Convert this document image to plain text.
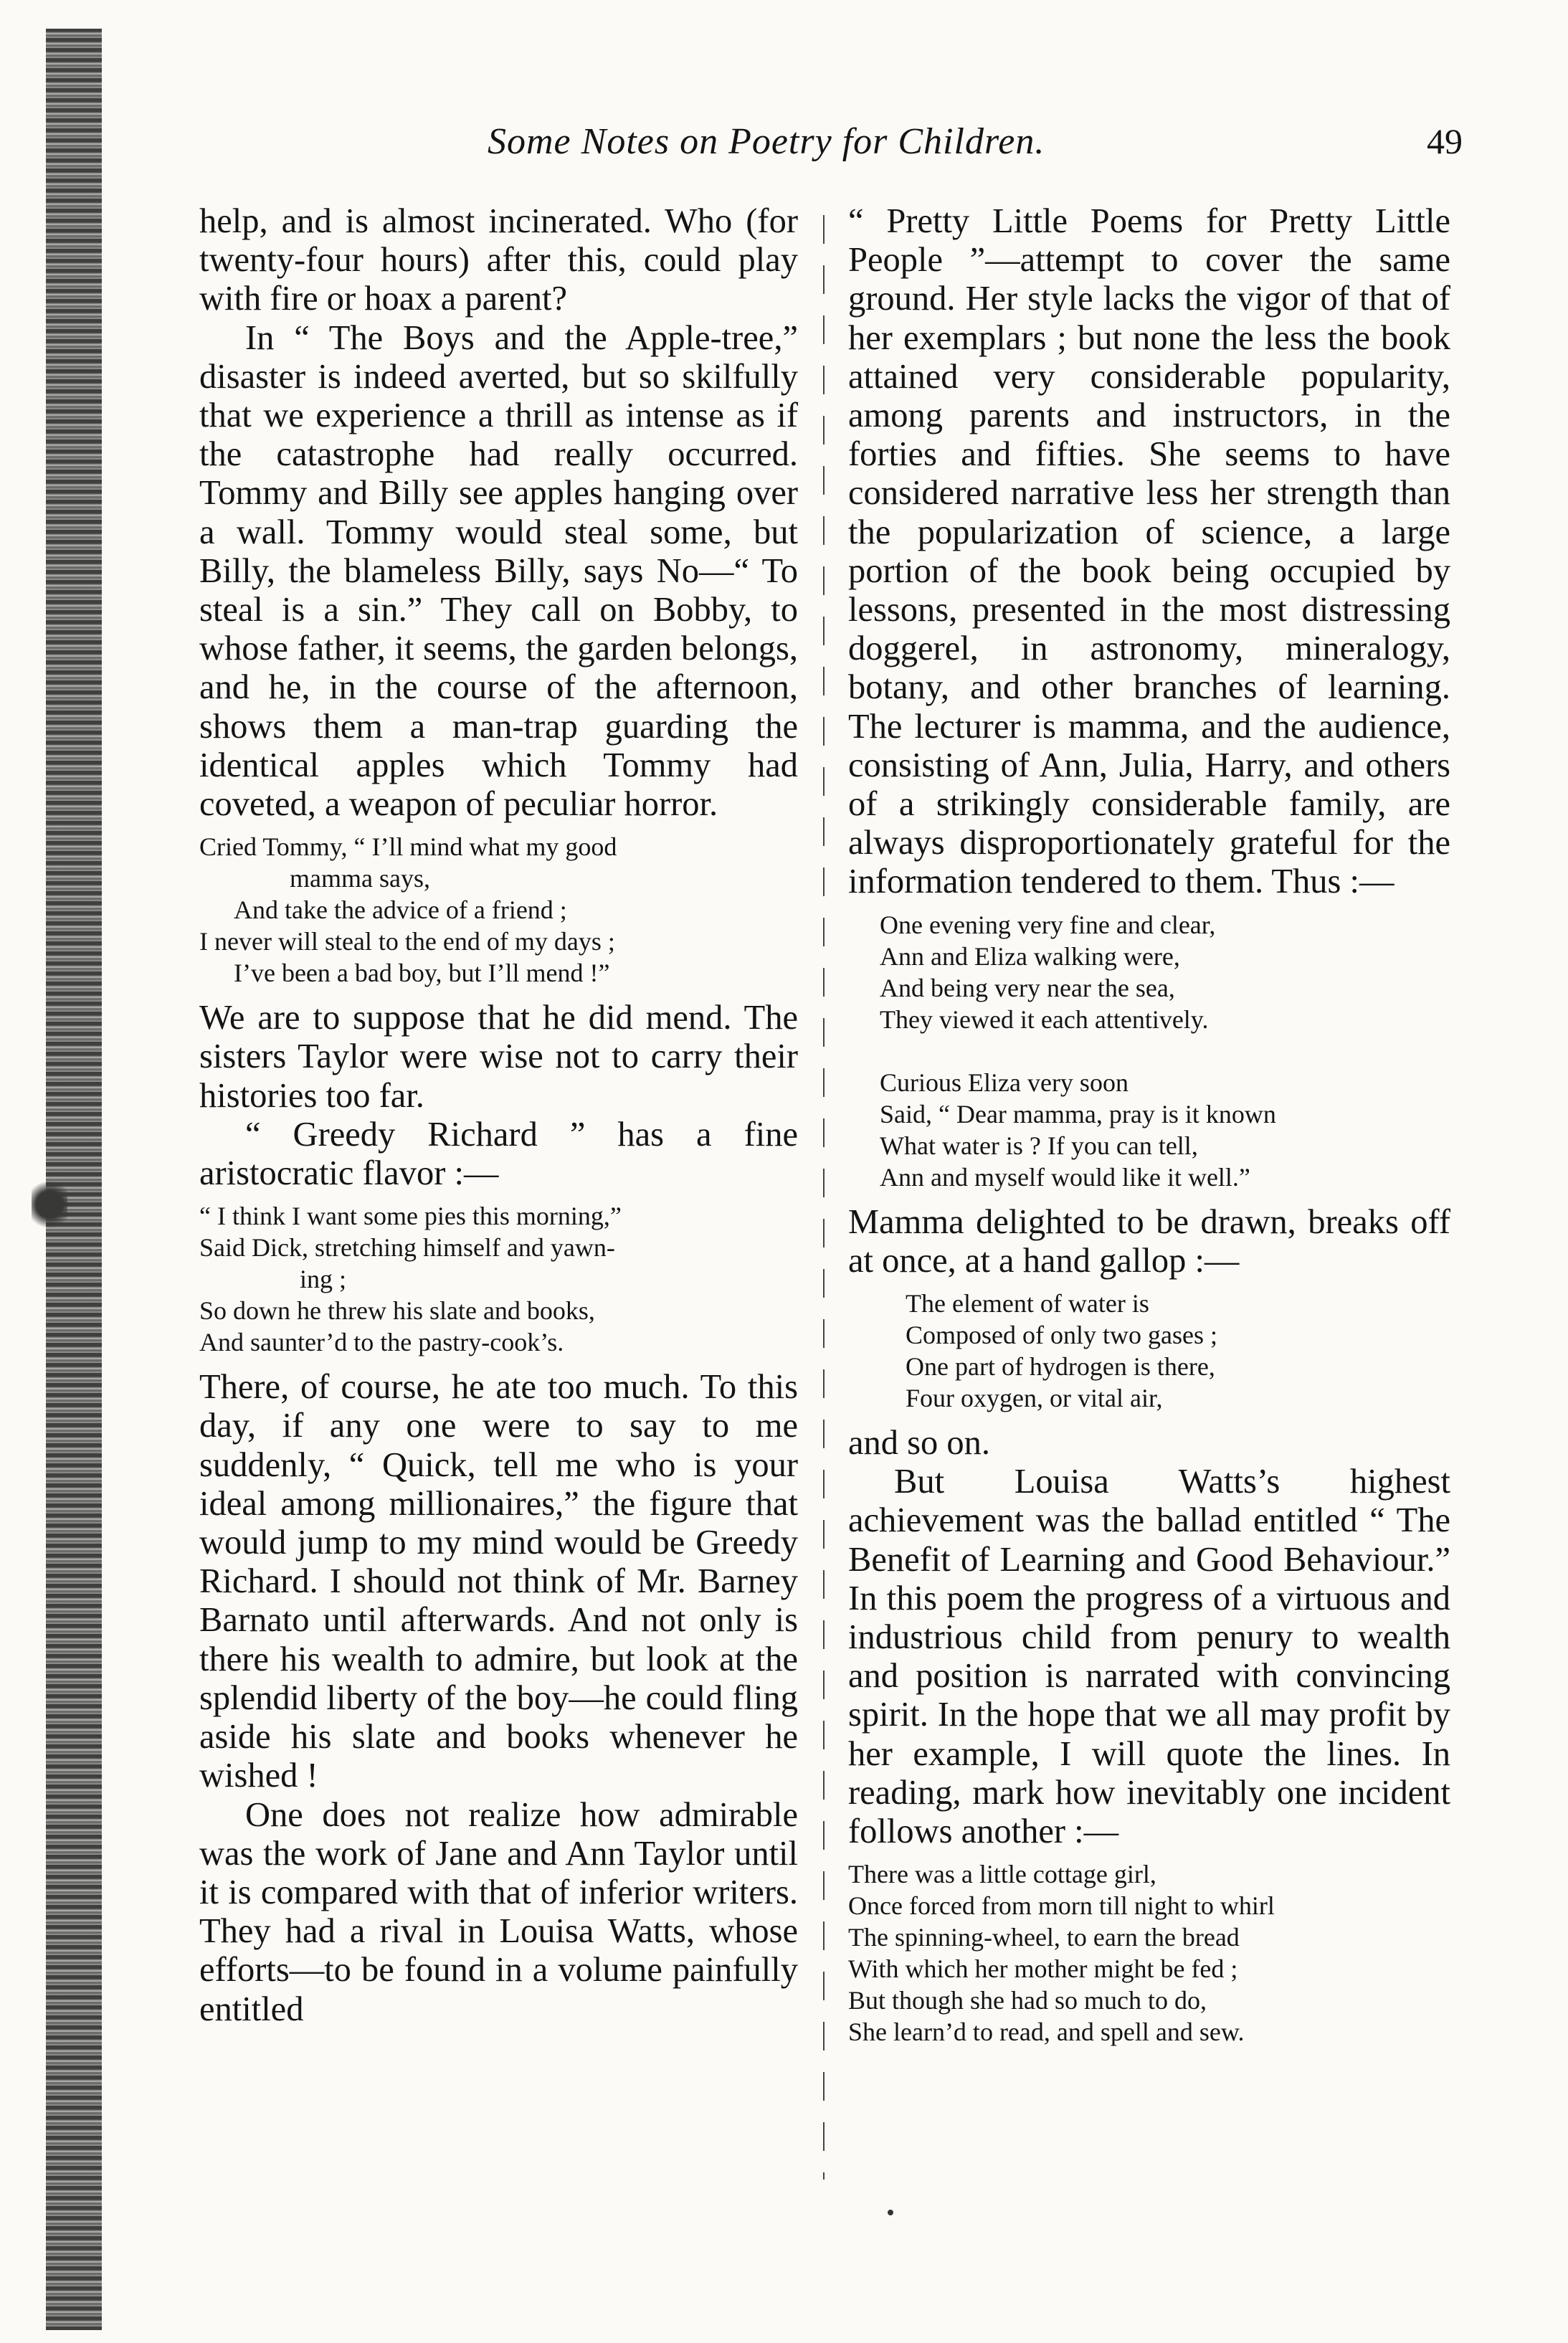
Some Notes on Poetry for Children.	49

help, and is almost incinerated. Who (for twenty-four hours) after this, could play with fire or hoax a parent?

In “ The Boys and the Apple-tree,” disaster is indeed averted, but so skilfully that we experience a thrill as intense as if the catastrophe had really occurred. Tommy and Billy see apples hanging over a wall. Tommy would steal some, but Billy, the blameless Billy, says No—“ To steal is a sin.” They call on Bobby, to whose father, it seems, the garden belongs, and he, in the course of the afternoon, shows them a man-trap guarding the identical apples which Tommy had coveted, a weapon of peculiar horror.

Cried Tommy, “ I’ll mind what my good
mamma says,
And take the advice of a friend ;
I never will steal to the end of my days ;
I’ve been a bad boy, but I’ll mend !”

We are to suppose that he did mend. The sisters Taylor were wise not to carry their histories too far.

“ Greedy Richard ” has a fine aristocratic flavor :—

“ I think I want some pies this morning,”
Said Dick, stretching himself and yawn-
ing ;
So down he threw his slate and books,
And saunter’d to the pastry-cook’s.

There, of course, he ate too much. To this day, if any one were to say to me suddenly, “ Quick, tell me who is your ideal among millionaires,” the figure that would jump to my mind would be Greedy Richard. I should not think of Mr. Barney Barnato until afterwards. And not only is there his wealth to admire, but look at the splendid liberty of the boy—he could fling aside his slate and books whenever he wished !

One does not realize how admirable was the work of Jane and Ann Taylor until it is compared with that of inferior writers. They had a rival in Louisa Watts, whose efforts—to be found in a volume painfully entitled

“ Pretty Little Poems for Pretty Little People ”—attempt to cover the same ground. Her style lacks the vigor of that of her exemplars ; but none the less the book attained very considerable popularity, among parents and instructors, in the forties and fifties. She seems to have considered narrative less her strength than the popularization of science, a large portion of the book being occupied by lessons, presented in the most distressing doggerel, in astronomy, mineralogy, botany, and other branches of learning. The lecturer is mamma, and the audience, consisting of Ann, Julia, Harry, and others of a strikingly considerable family, are always disproportionately grateful for the information tendered to them. Thus :—

One evening very fine and clear,
Ann and Eliza walking were,
And being very near the sea,
They viewed it each attentively.
Curious Eliza very soon
Said, “ Dear mamma, pray is it known
What water is ? If you can tell,
Ann and myself would like it well.”

Mamma delighted to be drawn, breaks off at once, at a hand gallop :—

The element of water is
Composed of only two gases ;
One part of hydrogen is there,
Four oxygen, or vital air,

and so on.

But Louisa Watts’s highest achievement was the ballad entitled “ The Benefit of Learning and Good Behaviour.” In this poem the progress of a virtuous and industrious child from penury to wealth and position is narrated with convincing spirit. In the hope that we all may profit by her example, I will quote the lines. In reading, mark how inevitably one incident follows another :—

There was a little cottage girl,
Once forced from morn till night to whirl
The spinning-wheel, to earn the bread
With which her mother might be fed ;
But though she had so much to do,
She learn’d to read, and spell and sew.
